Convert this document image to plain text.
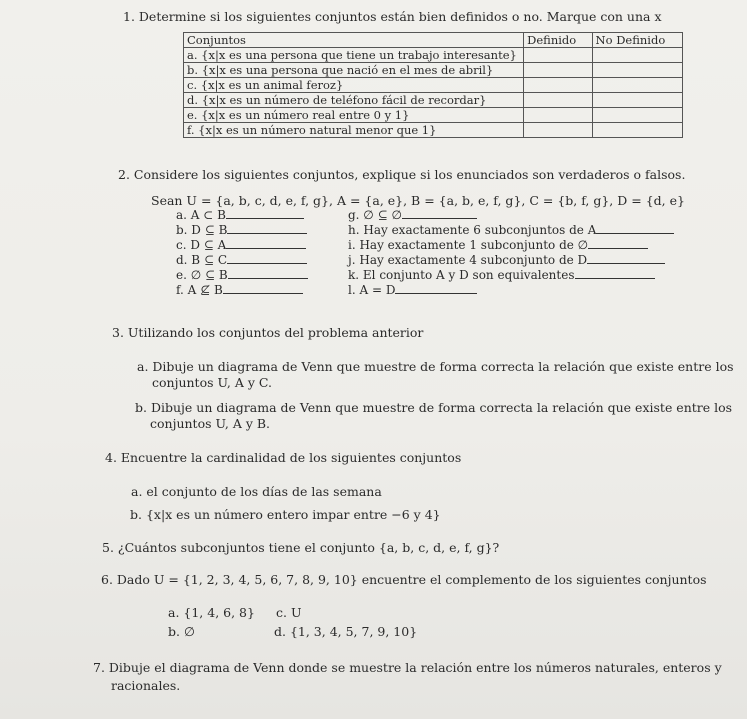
1. Determine si los siguientes conjuntos están bien definidos o no. Marque con una x
Conjuntos	Definido	No Definido
a. {x|x es una persona que tiene un trabajo interesante}		
b. {x|x es una persona que nació en el mes de abril}		
c. {x|x es un animal feroz}		
d. {x|x es un número de teléfono fácil de recordar}		
e. {x|x es un número real entre 0 y 1}		
f. {x|x es un número natural menor que 1}		
2. Considere los siguientes conjuntos, explique si los enunciados son verdaderos o falsos.
Sean U = {a, b, c, d, e, f, g}, A = {a, e}, B = {a, b, e, f, g}, C = {b, f, g}, D = {d, e}
a. A ⊂ B
b. D ⊆ B
c. D ⊆ A
d. B ⊆ C
e. ∅ ⊆ B
f. A ⊈ B
g. ∅ ⊆ ∅
h. Hay exactamente 6 subconjuntos de A
i. Hay exactamente 1 subconjunto de ∅
j. Hay exactamente 4 subconjunto de D
k. El conjunto A y D son equivalentes
l. A = D
3. Utilizando los conjuntos del problema anterior
a. Dibuje un diagrama de Venn que muestre de forma correcta la relación que existe entre los
conjuntos U, A y C.
b. Dibuje un diagrama de Venn que muestre de forma correcta la relación que existe entre los
conjuntos U, A y B.
4. Encuentre la cardinalidad de los siguientes conjuntos
a. el conjunto de los días de las semana
b. {x|x es un número entero impar entre −6 y 4}
5. ¿Cuántos subconjuntos tiene el conjunto {a, b, c, d, e, f, g}?
6. Dado U = {1, 2, 3, 4, 5, 6, 7, 8, 9, 10} encuentre el complemento de los siguientes conjuntos
a. {1, 4, 6, 8}
b. ∅
c. U
d. {1, 3, 4, 5, 7, 9, 10}
7. Dibuje el diagrama de Venn donde se muestre la relación entre los números naturales, enteros y
racionales.
